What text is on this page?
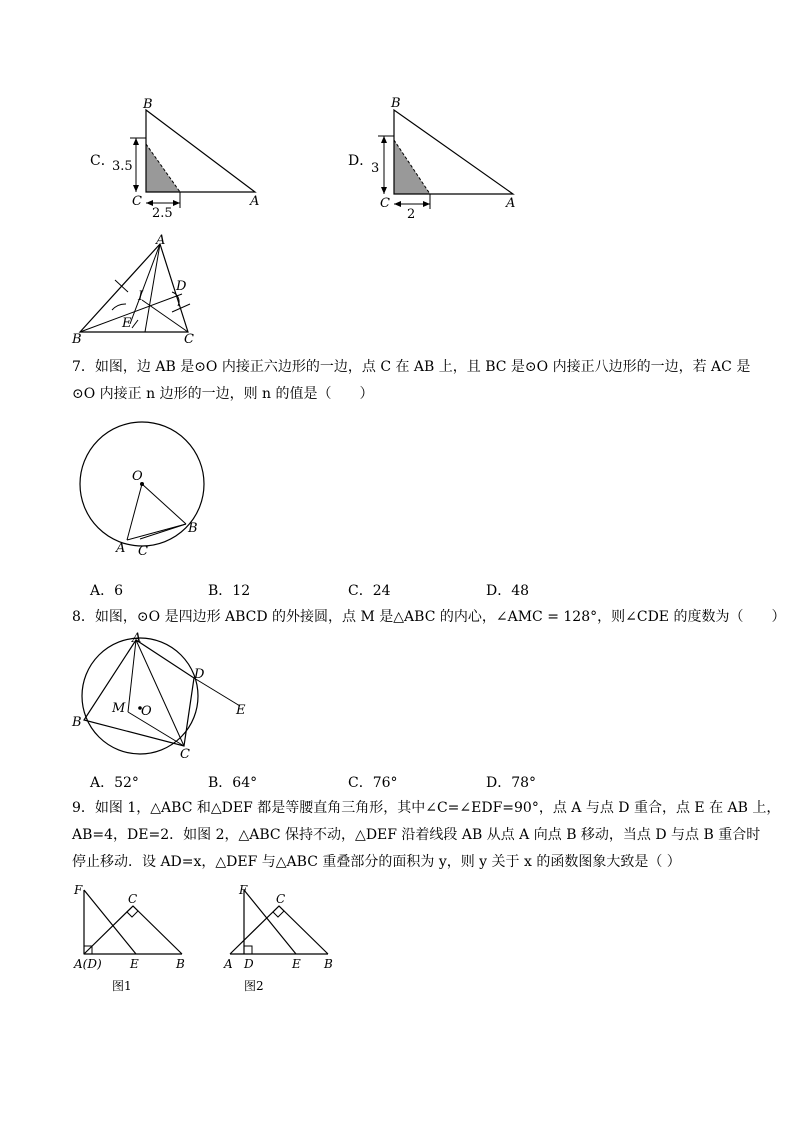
C．
B
C	A
3.5
2.5
D．
B
C	A
3
2
A
B	C
D
E
I
7．如图，边 AB 是⊙O 内接正六边形的一边，点 C 在 AB 上，且 BC 是⊙O 内接正八边形的一边，若 AC 是
⊙O 内接正 n 边形的一边，则 n 的值是（　　）
O
A
B
C
A．6	B．12	C．24	D．48
8．如图，⊙O 是四边形 ABCD 的外接圆，点 M 是△ABC 的内心，∠AMC = 128°，则∠CDE 的度数为（　　）
A
B
C
D
E
M O
A．52°	B．64°	C．76°	D．78°
9．如图 1，△ABC 和△DEF 都是等腰直角三角形，其中∠C=∠EDF=90°，点 A 与点 D 重合，点 E 在 AB 上，
AB=4，DE=2．如图 2，△ABC 保持不动，△DEF 沿着线段 AB 从点 A 向点 B 移动，当点 D 与点 B 重合时
停止移动．设 AD=x，△DEF 与△ABC 重叠部分的面积为 y，则 y 关于 x 的函数图象大致是（ ）
F
C
A(D) E	B
图1
F
C
A D	E B
图2
